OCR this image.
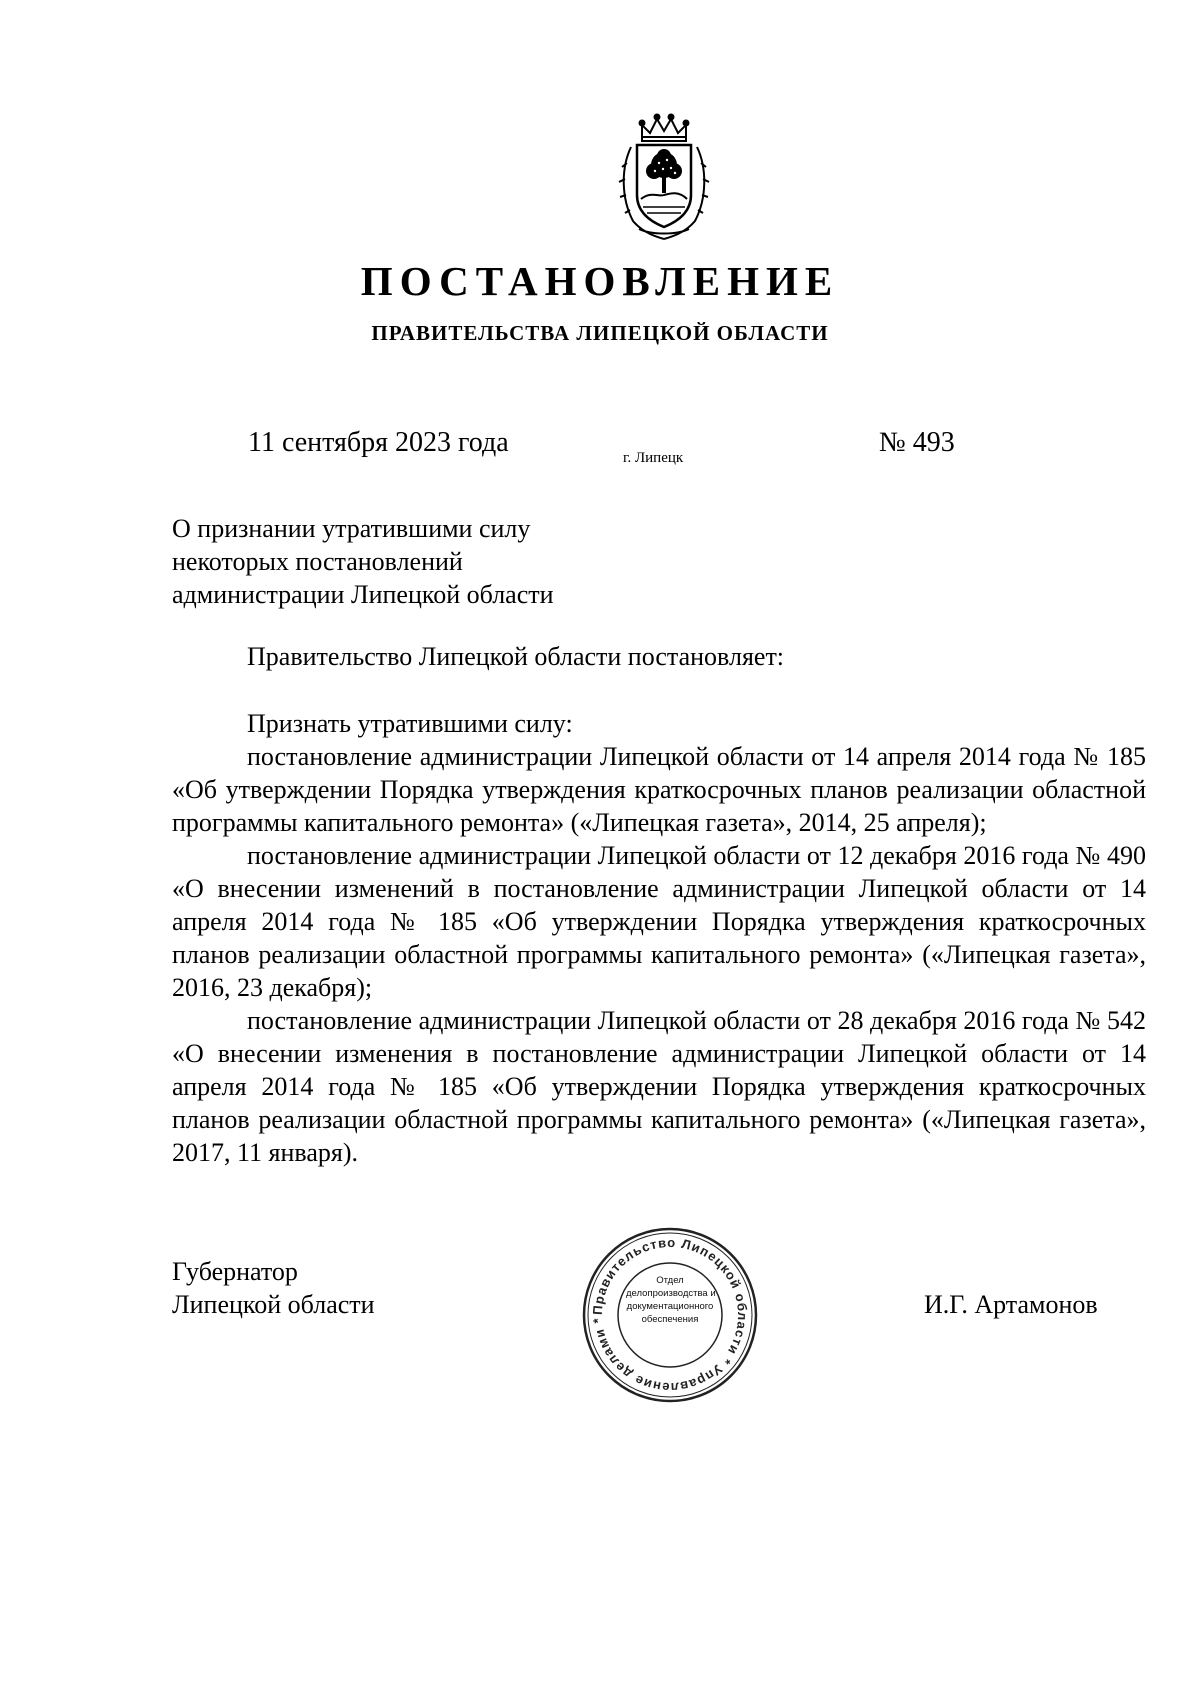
ПОСТАНОВЛЕНИЕ
ПРАВИТЕЛЬСТВА ЛИПЕЦКОЙ ОБЛАСТИ
11 сентября 2023 года	г. Липецк	№ 493
О признании утратившими силу
некоторых постановлений
администрации Липецкой области
Правительство Липецкой области постановляет:

Признать утратившими силу:

постановление администрации Липецкой области от 14 апреля 2014 года № 185 «Об утверждении Порядка утверждения краткосрочных планов реализации областной программы капитального ремонта» («Липецкая газета», 2014, 25 апреля);

постановление администрации Липецкой области от 12 декабря 2016 года № 490 «О внесении изменений в постановление администрации Липецкой области от 14 апреля 2014 года № 185 «Об утверждении Порядка утверждения краткосрочных планов реализации областной программы капитального ремонта» («Липецкая газета», 2016, 23 декабря);

постановление администрации Липецкой области от 28 декабря 2016 года № 542 «О внесении изменения в постановление администрации Липецкой области от 14 апреля 2014 года № 185 «Об утверждении Порядка утверждения краткосрочных планов реализации областной программы капитального ремонта» («Липецкая газета», 2017, 11 января).

Губернатор
Липецкой области	Правительство Липецкой области * Управление делами *
Отдел
делопроизводства и
документационного
обеспечения
И.Г. Артамонов
